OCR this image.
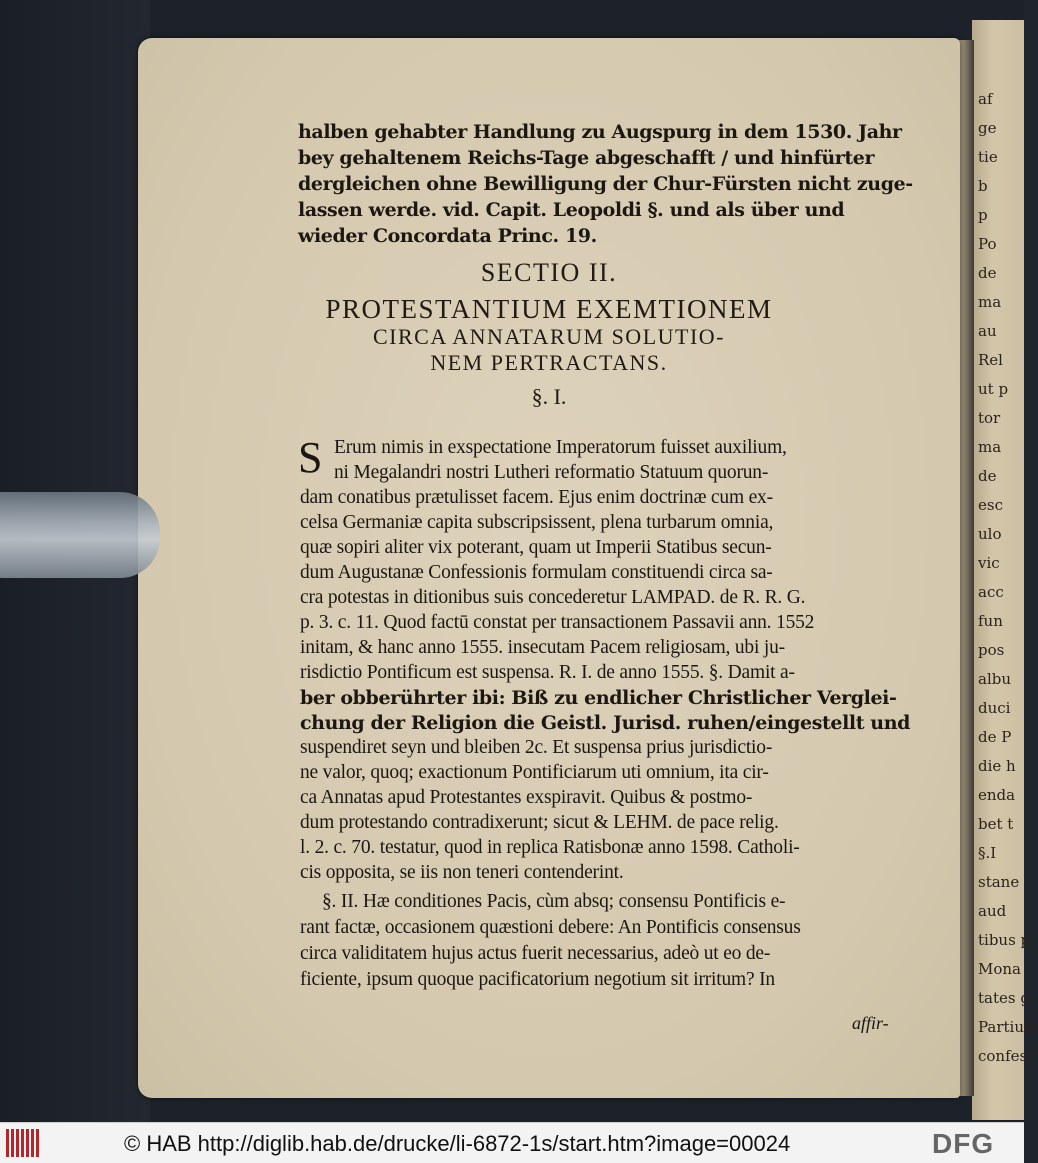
af
ge
tie
b
p
Po
de
ma
au
Rel
ut p
tor
ma
de
esc
ulo
vic
acc
fun
pos
albu
duci
de P
die h
enda
bet t
§.I
stane
aud
tibus p
Mona
tates g
Partium
confesf
halben gehabter Handlung zu Augspurg in dem 1530. Jahr
bey gehaltenem Reichs-Tage abgeschafft / und hinfürter
dergleichen ohne Bewilligung der Chur-Fürsten nicht zuge-
lassen werde. vid. Capit. Leopoldi §. und als über und
wieder Concordata Princ. 19.
SECTIO II.
PROTESTANTIUM EXEMTIONEM
CIRCA ANNATARUM SOLUTIO-
NEM PERTRACTANS.
§. I.
S Erum nimis in exspectatione Imperatorum fuisset auxilium,
ni Megalandri nostri Lutheri reformatio Statuum quorun-
dam conatibus prætulisset facem. Ejus enim doctrinæ cum ex-
celsa Germaniæ capita subscripsissent, plena turbarum omnia,
quæ sopiri aliter vix poterant, quam ut Imperii Statibus secun-
dum Augustanæ Confessionis formulam constituendi circa sa-
cra potestas in ditionibus suis concederetur LAMPAD. de R. R. G.
p. 3. c. 11. Quod factū constat per transactionem Passavii ann. 1552
initam, & hanc anno 1555. insecutam Pacem religiosam, ubi ju-
risdictio Pontificum est suspensa. R. I. de anno 1555. §. Damit a-
ber obberührter ibi: Biß zu endlicher Christlicher Verglei-
chung der Religion die Geistl. Jurisd. ruhen/eingestellt und
suspendiret seyn und bleiben 2c. Et suspensa prius jurisdictio-
ne valor, quoq; exactionum Pontificiarum uti omnium, ita cir-
ca Annatas apud Protestantes exspiravit. Quibus & postmo-
dum protestando contradixerunt; sicut & LEHM. de pace relig.
l. 2. c. 70. testatur, quod in replica Ratisbonæ anno 1598. Catholi-
cis opposita, se iis non teneri contenderint.
§. II. Hæ conditiones Pacis, cùm absq; consensu Pontificis e-
rant factæ, occasionem quæstioni debere: An Pontificis consensus
circa validitatem hujus actus fuerit necessarius, adeò ut eo de-
ficiente, ipsum quoque pacificatorium negotium sit irritum? In
affir-
© HAB http://diglib.hab.de/drucke/li-6872-1s/start.htm?image=00024	DFG
